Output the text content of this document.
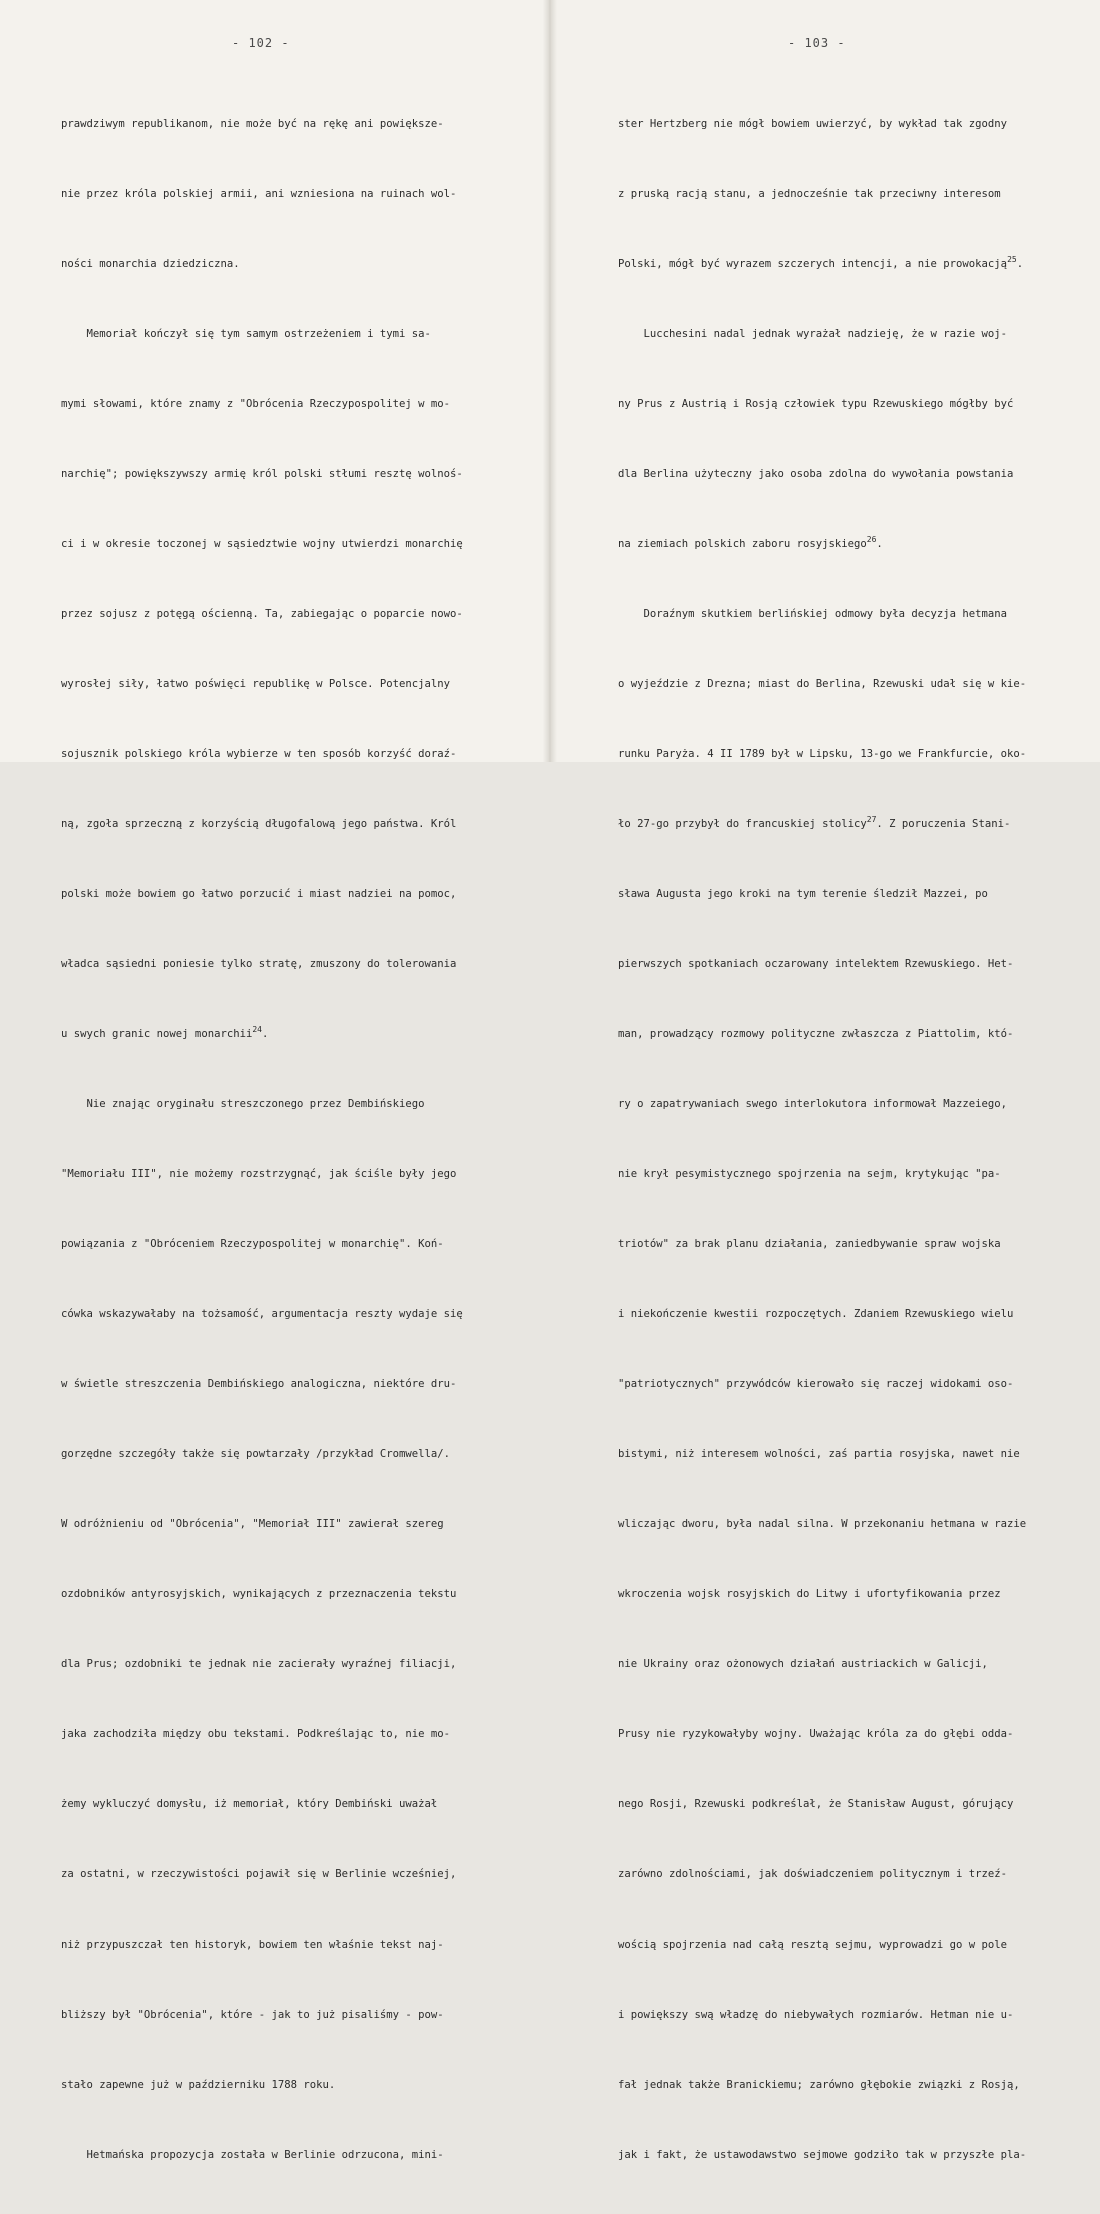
- 102 -

prawdziwym republikanom, nie może być na rękę ani powiększe-

nie przez króla polskiej armii, ani wzniesiona na ruinach wol-

ności monarchia dziedziczna.

Memoriał kończył się tym samym ostrzeżeniem i tymi sa-

mymi słowami, które znamy z "Obrócenia Rzeczypospolitej w mo-

narchię"; powiększywszy armię król polski stłumi resztę wolnoś-

ci i w okresie toczonej w sąsiedztwie wojny utwierdzi monarchię

przez sojusz z potęgą ościenną. Ta, zabiegając o poparcie nowo-

wyrosłej siły, łatwo poświęci republikę w Polsce. Potencjalny

sojusznik polskiego króla wybierze w ten sposób korzyść doraź-

ną, zgoła sprzeczną z korzyścią długofalową jego państwa. Król

polski może bowiem go łatwo porzucić i miast nadziei na pomoc,

władca sąsiedni poniesie tylko stratę, zmuszony do tolerowania

u swych granic nowej monarchii$^{24}$.

Nie znając oryginału streszczonego przez Dembińskiego

"Memoriału III", nie możemy rozstrzygnąć, jak ściśle były jego

powiązania z "Obróceniem Rzeczypospolitej w monarchię". Koń-

cówka wskazywałaby na tożsamość, argumentacja reszty wydaje się

w świetle streszczenia Dembińskiego analogiczna, niektóre dru-

gorzędne szczegóły także się powtarzały /przykład Cromwella/.

W odróżnieniu od "Obrócenia", "Memoriał III" zawierał szereg

ozdobników antyrosyjskich, wynikających z przeznaczenia tekstu

dla Prus; ozdobniki te jednak nie zacierały wyraźnej filiacji,

jaka zachodziła między obu tekstami. Podkreślając to, nie mo-

żemy wykluczyć domysłu, iż memoriał, który Dembiński uważał

za ostatni, w rzeczywistości pojawił się w Berlinie wcześniej,

niż przypuszczał ten historyk, bowiem ten właśnie tekst naj-

bliższy był "Obrócenia", które - jak to już pisaliśmy - pow-

stało zapewne już w październiku 1788 roku.

Hetmańska propozycja została w Berlinie odrzucona, mini-

- 103 -

ster Hertzberg nie mógł bowiem uwierzyć, by wykład tak zgodny

z pruską racją stanu, a jednocześnie tak przeciwny interesom

Polski, mógł być wyrazem szczerych intencji, a nie prowokacją$^{25}$.

Lucchesini nadal jednak wyrażał nadzieję, że w razie woj-

ny Prus z Austrią i Rosją człowiek typu Rzewuskiego mógłby być

dla Berlina użyteczny jako osoba zdolna do wywołania powstania

na ziemiach polskich zaboru rosyjskiego$^{26}$.

Doraźnym skutkiem berlińskiej odmowy była decyzja hetmana

o wyjeździe z Drezna; miast do Berlina, Rzewuski udał się w kie-

runku Paryża. 4 II 1789 był w Lipsku, 13-go we Frankfurcie, oko-

ło 27-go przybył do francuskiej stolicy$^{27}$. Z poruczenia Stani-

sława Augusta jego kroki na tym terenie śledził Mazzei, po

pierwszych spotkaniach oczarowany intelektem Rzewuskiego. Het-

man, prowadzący rozmowy polityczne zwłaszcza z Piattolim, któ-

ry o zapatrywaniach swego interlokutora informował Mazzeiego,

nie krył pesymistycznego spojrzenia na sejm, krytykując "pa-

triotów" za brak planu działania, zaniedbywanie spraw wojska

i niekończenie kwestii rozpoczętych. Zdaniem Rzewuskiego wielu

"patriotycznych" przywódców kierowało się raczej widokami oso-

bistymi, niż interesem wolności, zaś partia rosyjska, nawet nie

wliczając dworu, była nadal silna. W przekonaniu hetmana w razie

wkroczenia wojsk rosyjskich do Litwy i ufortyfikowania przez

nie Ukrainy oraz ożonowych działań austriackich w Galicji,

Prusy nie ryzykowałyby wojny. Uważając króla za do głębi odda-

nego Rosji, Rzewuski podkreślał, że Stanisław August, górujący

zarówno zdolnościami, jak doświadczeniem politycznym i trzeź-

wością spojrzenia nad całą resztą sejmu, wyprowadzi go w pole

i powiększy swą władzę do niebywałych rozmiarów. Hetman nie u-

fał jednak także Branickiemu; zarówno głębokie związki z Rosją,

jak i fakt, że ustawodawstwo sejmowe godziło tak w przyszłe pla-
